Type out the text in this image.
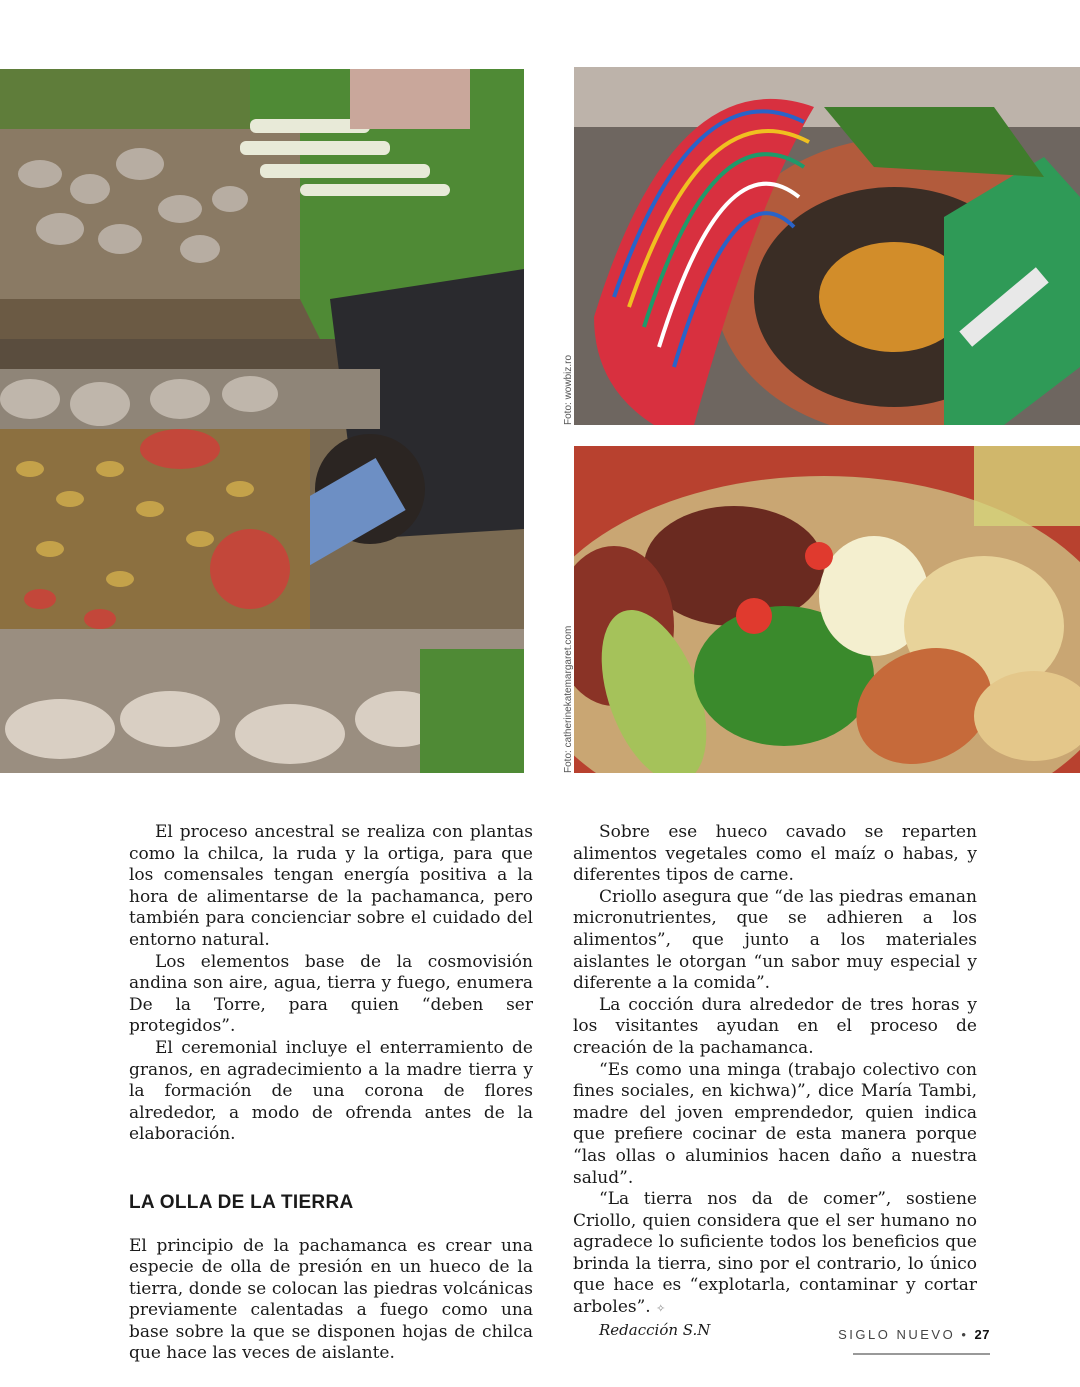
Foto: wowbiz.ro
Foto: catherinekatemargaret.com

El proceso ancestral se realiza con plantas como la chilca, la ruda y la ortiga, para que los comensales tengan energía positiva a la hora de alimentarse de la pachamanca, pero también para concienciar sobre el cuidado del entorno natural.

Los elementos base de la cosmovisión andina son aire, agua, tierra y fuego, enumera De la Torre, para quien “deben ser protegidos”.

El ceremonial incluye el enterramiento de granos, en agradecimiento a la madre tierra y la formación de una corona de flores alrededor, a modo de ofrenda antes de la elaboración.

LA OLLA DE LA TIERRA

El principio de la pachamanca es crear una especie de olla de presión en un hueco de la tierra, donde se colocan las piedras volcánicas previamente calentadas a fuego como una base sobre la que se disponen hojas de chilca que hace las veces de aislante.

Sobre ese hueco cavado se reparten alimentos vegetales como el maíz o habas, y diferentes tipos de carne.

Criollo asegura que “de las piedras emanan micronutrientes, que se adhieren a los alimentos”, que junto a los materiales aislantes le otorgan “un sabor muy especial y diferente a la comida”.

La cocción dura alrededor de tres horas y los visitantes ayudan en el proceso de creación de la pachamanca.

“Es como una minga (trabajo colectivo con fines sociales, en kichwa)”, dice María Tambi, madre del joven emprendedor, quien indica que prefiere cocinar de esta manera porque “las ollas o aluminios hacen daño a nuestra salud”.

“La tierra nos da de comer”, sostiene Criollo, quien considera que el ser humano no agradece lo suficiente todos los beneficios que brinda la tierra, sino por el contrario, lo único que hace es “explotarla, contaminar y cortar arboles”. ✧

Redacción S.N	SIGLO NUEVO • 27
